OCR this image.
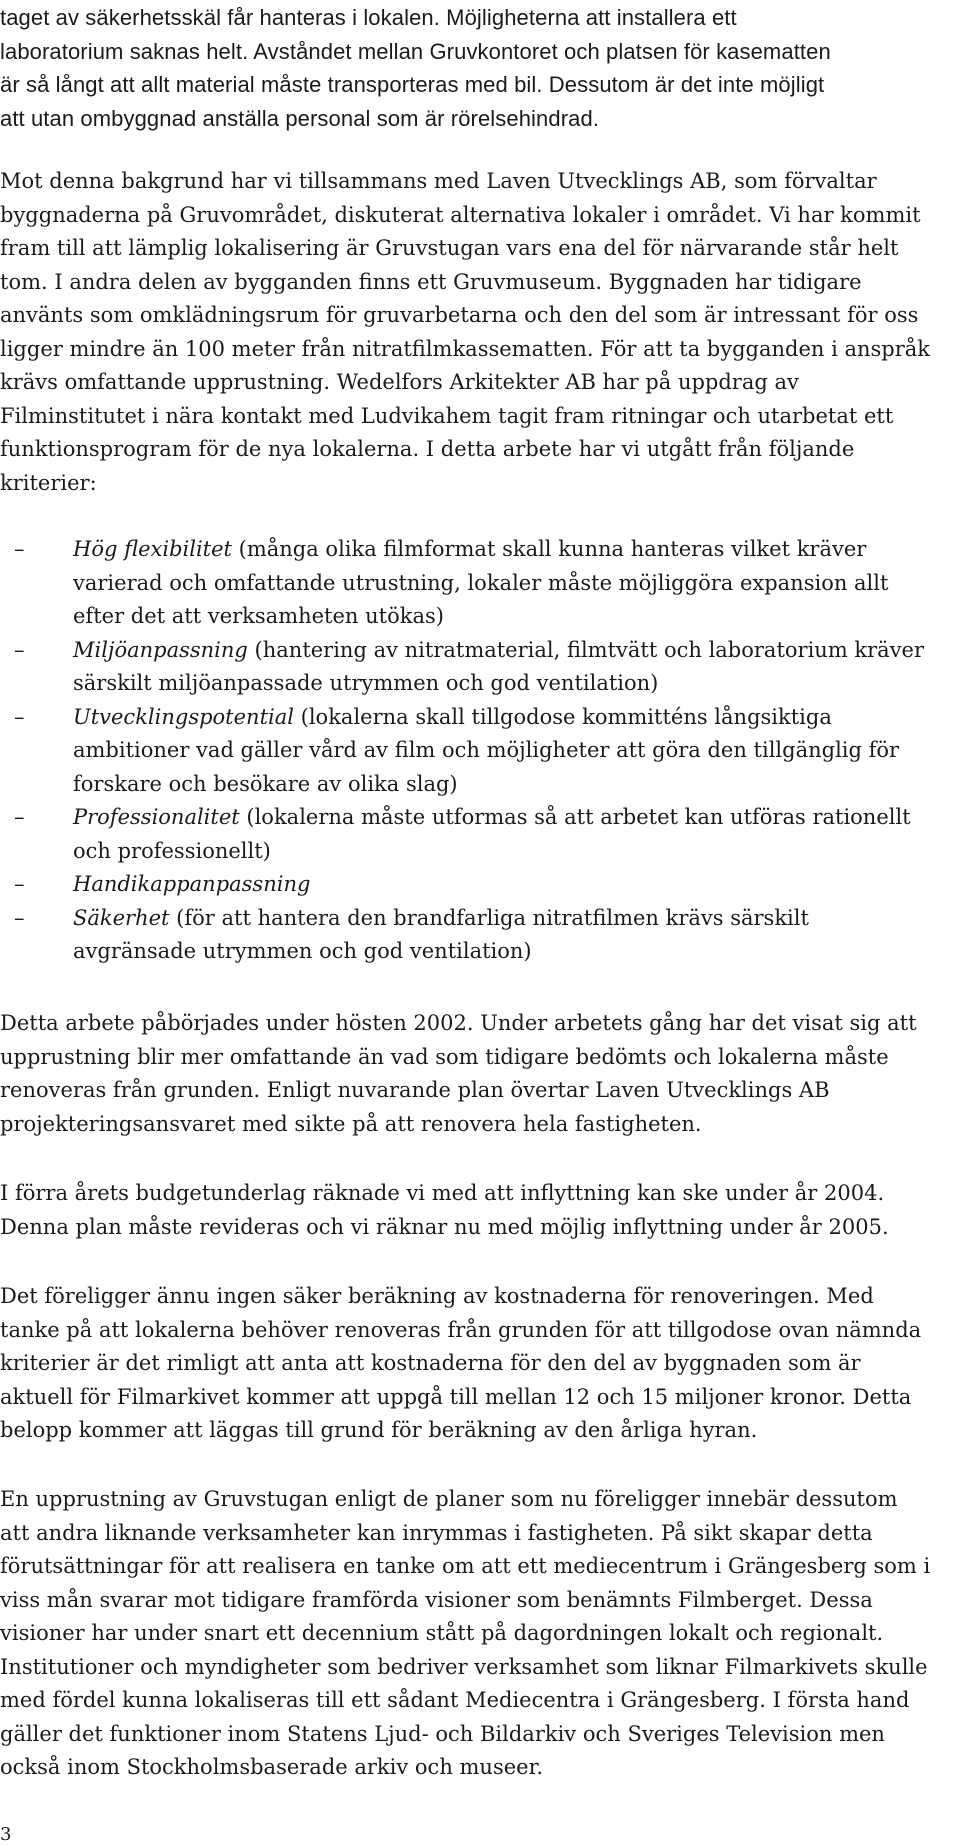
taget av säkerhetsskäl får hanteras i lokalen. Möjligheterna att installera ett
laboratorium saknas helt. Avståndet mellan Gruvkontoret och platsen för kasematten
är så långt att allt material måste transporteras med bil. Dessutom är det inte möjligt
att utan ombyggnad anställa personal som är rörelsehindrad.

Mot denna bakgrund har vi tillsammans med Laven Utvecklings AB, som förvaltar
byggnaderna på Gruvområdet, diskuterat alternativa lokaler i området. Vi har kommit
fram till att lämplig lokalisering är Gruvstugan vars ena del för närvarande står helt
tom. I andra delen av bygganden finns ett Gruvmuseum. Byggnaden har tidigare
använts som omklädningsrum för gruvarbetarna och den del som är intressant för oss
ligger mindre än 100 meter från nitratfilmkassematten. För att ta bygganden i anspråk
krävs omfattande upprustning. Wedelfors Arkitekter AB har på uppdrag av
Filminstitutet i nära kontakt med Ludvikahem tagit fram ritningar och utarbetat ett
funktionsprogram för de nya lokalerna. I detta arbete har vi utgått från följande
kriterier:

– Hög flexibilitet (många olika filmformat skall kunna hanteras vilket kräver
varierad och omfattande utrustning, lokaler måste möjliggöra expansion allt
efter det att verksamheten utökas)
– Miljöanpassning (hantering av nitratmaterial, filmtvätt och laboratorium kräver
särskilt miljöanpassade utrymmen och god ventilation)
– Utvecklingspotential (lokalerna skall tillgodose kommitténs långsiktiga
ambitioner vad gäller vård av film och möjligheter att göra den tillgänglig för
forskare och besökare av olika slag)
– Professionalitet (lokalerna måste utformas så att arbetet kan utföras rationellt
och professionellt)
– Handikappanpassning
– Säkerhet (för att hantera den brandfarliga nitratfilmen krävs särskilt
avgränsade utrymmen och god ventilation)

Detta arbete påbörjades under hösten 2002. Under arbetets gång har det visat sig att
upprustning blir mer omfattande än vad som tidigare bedömts och lokalerna måste
renoveras från grunden. Enligt nuvarande plan övertar Laven Utvecklings AB
projekteringsansvaret med sikte på att renovera hela fastigheten.

I förra årets budgetunderlag räknade vi med att inflyttning kan ske under år 2004.
Denna plan måste revideras och vi räknar nu med möjlig inflyttning under år 2005.

Det föreligger ännu ingen säker beräkning av kostnaderna för renoveringen. Med
tanke på att lokalerna behöver renoveras från grunden för att tillgodose ovan nämnda
kriterier är det rimligt att anta att kostnaderna för den del av byggnaden som är
aktuell för Filmarkivet kommer att uppgå till mellan 12 och 15 miljoner kronor. Detta
belopp kommer att läggas till grund för beräkning av den årliga hyran.

En upprustning av Gruvstugan enligt de planer som nu föreligger innebär dessutom
att andra liknande verksamheter kan inrymmas i fastigheten. På sikt skapar detta
förutsättningar för att realisera en tanke om att ett mediecentrum i Grängesberg som i
viss mån svarar mot tidigare framförda visioner som benämnts Filmberget. Dessa
visioner har under snart ett decennium stått på dagordningen lokalt och regionalt.
Institutioner och myndigheter som bedriver verksamhet som liknar Filmarkivets skulle
med fördel kunna lokaliseras till ett sådant Mediecentra i Grängesberg. I första hand
gäller det funktioner inom Statens Ljud- och Bildarkiv och Sveriges Television men
också inom Stockholmsbaserade arkiv och museer.

3
